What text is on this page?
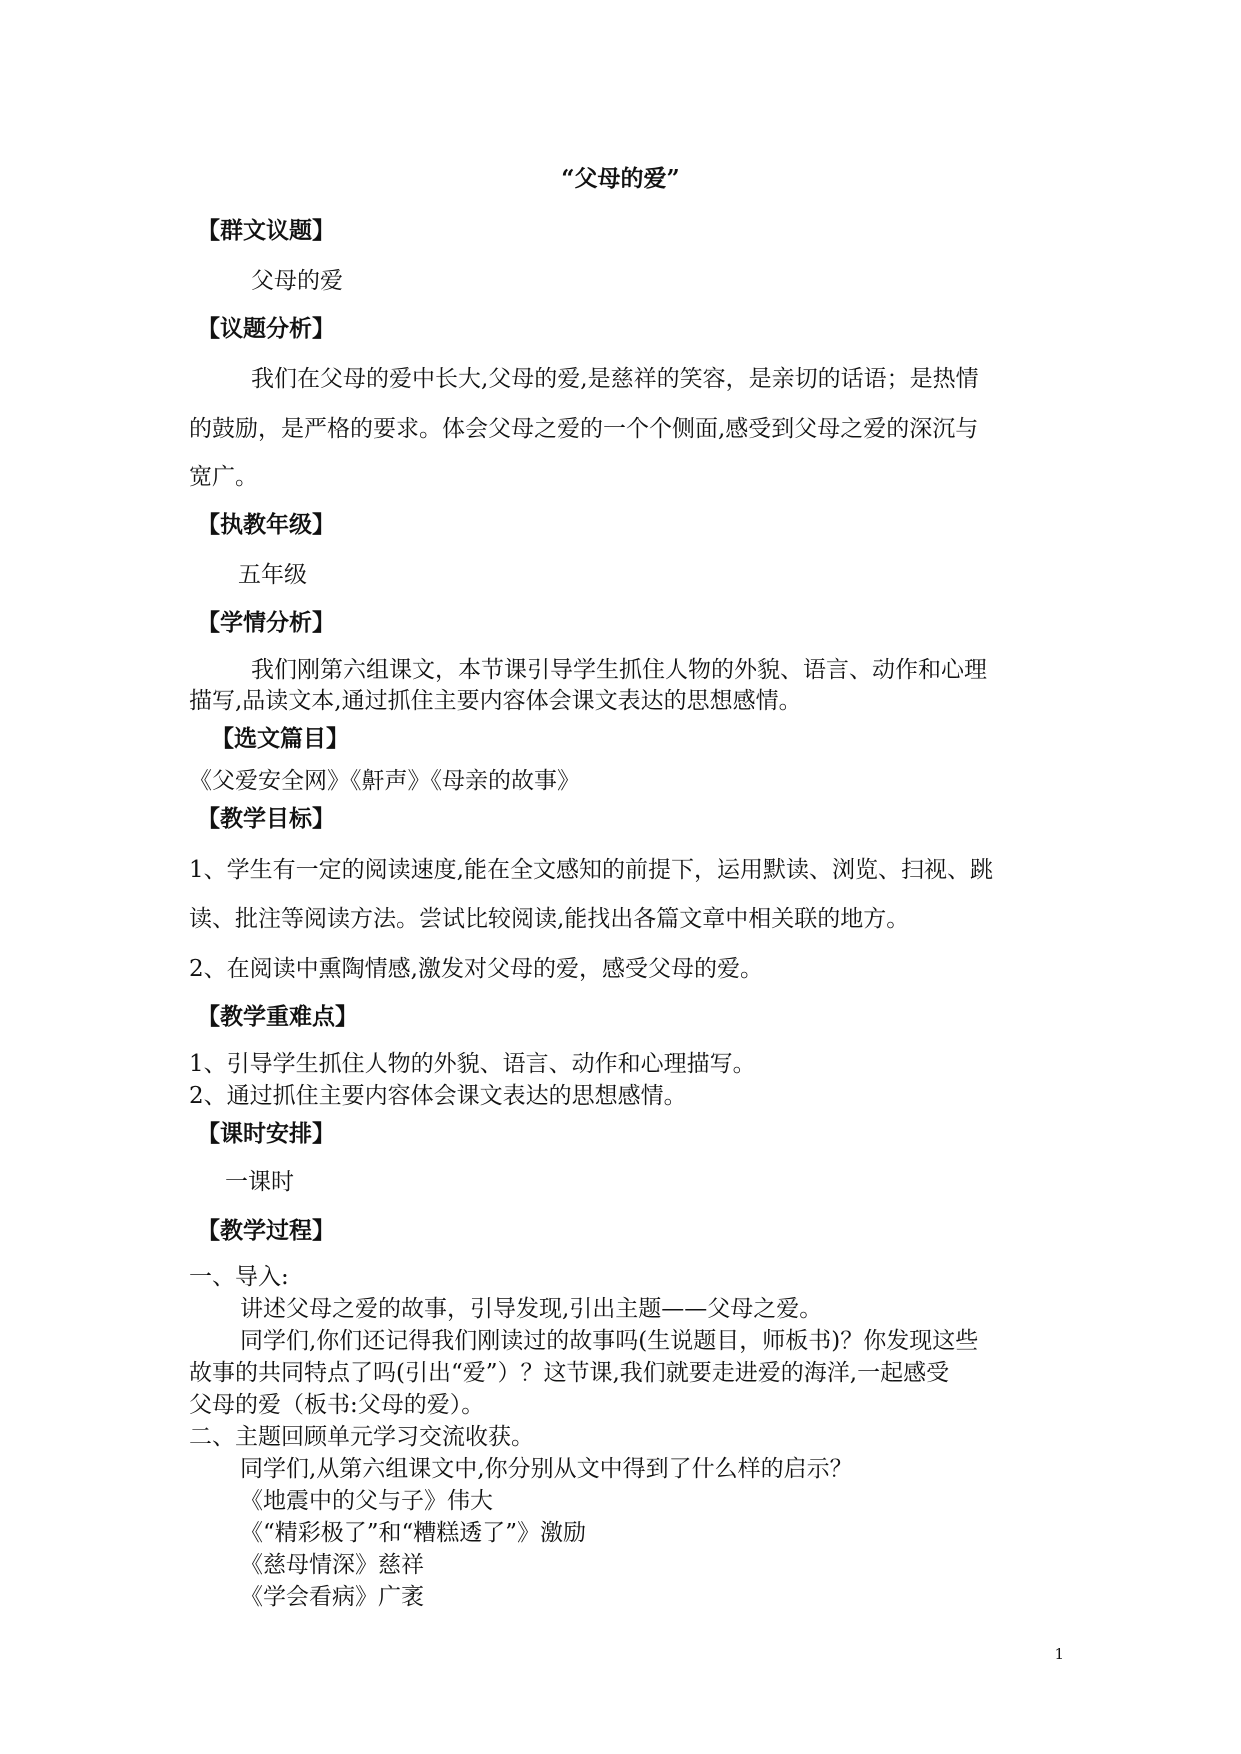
“父母的爱”
【群文议题】
父母的爱
【议题分析】
我们在父母的爱中长大,父母的爱,是慈祥的笑容，是亲切的话语；是热情
的鼓励，是严格的要求。体会父母之爱的一个个侧面,感受到父母之爱的深沉与
宽广。
【执教年级】
五年级
【学情分析】
我们刚第六组课文，本节课引导学生抓住人物的外貌、语言、动作和心理
描写,品读文本,通过抓住主要内容体会课文表达的思想感情。
【选文篇目】
《父爱安全网》《鼾声》《母亲的故事》
【教学目标】
1、学生有一定的阅读速度,能在全文感知的前提下，运用默读、浏览、扫视、跳
读、批注等阅读方法。尝试比较阅读,能找出各篇文章中相关联的地方。
2、在阅读中熏陶情感,激发对父母的爱，感受父母的爱。
【教学重难点】
1、引导学生抓住人物的外貌、语言、动作和心理描写。
2、通过抓住主要内容体会课文表达的思想感情。
【课时安排】
一课时
【教学过程】
一、导入:
讲述父母之爱的故事，引导发现,引出主题——父母之爱。
同学们,你们还记得我们刚读过的故事吗(生说题目，师板书)？你发现这些
故事的共同特点了吗(引出“爱”）？这节课,我们就要走进爱的海洋,一起感受
父母的爱（板书:父母的爱）。
二、主题回顾单元学习交流收获。
同学们,从第六组课文中,你分别从文中得到了什么样的启示？
《地震中的父与子》伟大
《“精彩极了”和“糟糕透了”》激励
《慈母情深》慈祥
《学会看病》广袤
1
